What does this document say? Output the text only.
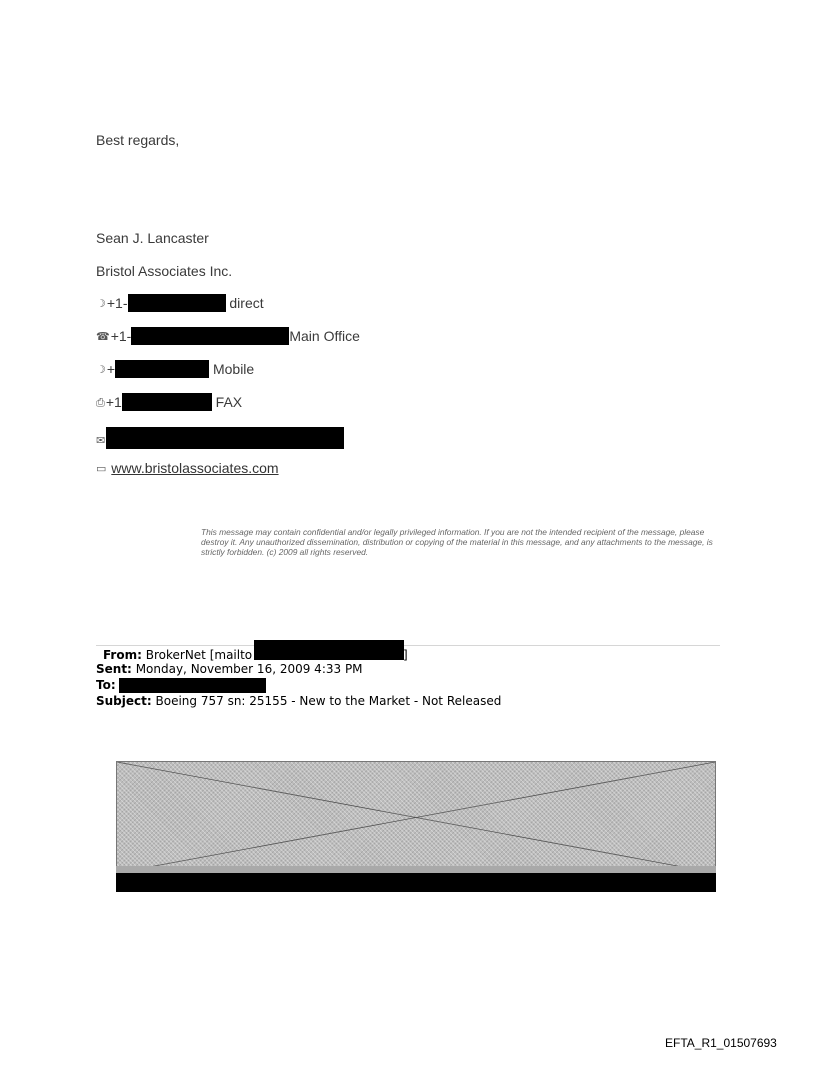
Best regards,
Sean J. Lancaster
Bristol Associates Inc.
☽+1-	direct
☎+1-	Main Office
☽+	Mobile
⎙+1	FAX
✉
▭ www.bristolassociates.com
This message may contain confidential and/or legally privileged information. If you are not the intended recipient of the message, please destroy it. Any unauthorized dissemination, distribution or copying of the material in this message, and any attachments to the message, is strictly forbidden. (c) 2009 all rights reserved.
From: BrokerNet [mailto	]
Sent: Monday, November 16, 2009 4:33 PM
To:
Subject: Boeing 757 sn: 25155 - New to the Market - Not Released
EFTA_R1_01507693
